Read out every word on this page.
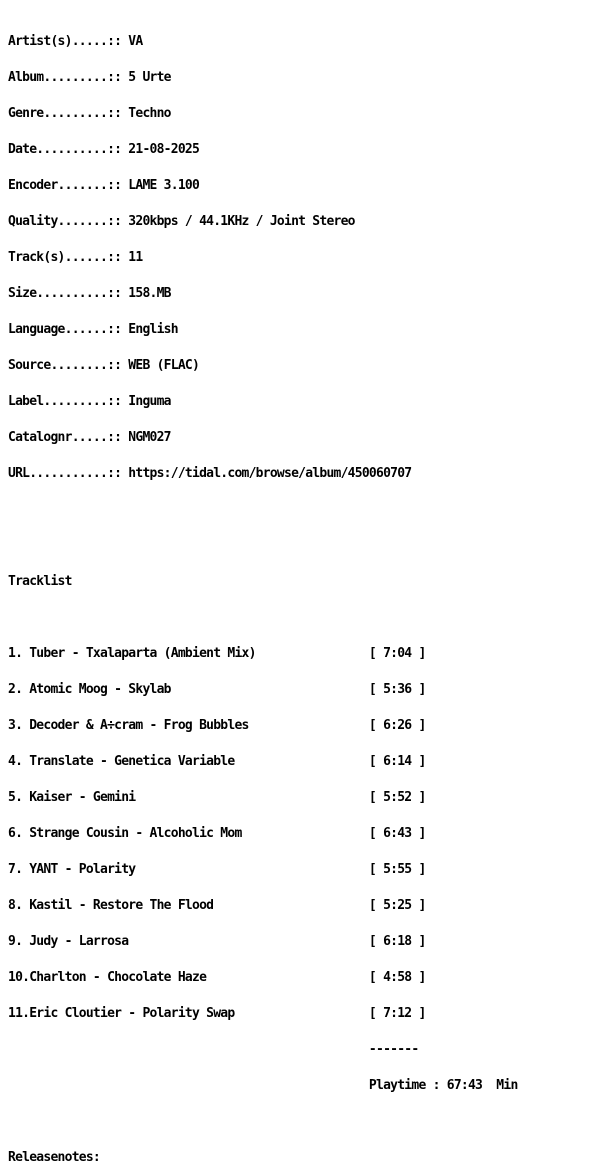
Artist(s).....:: VA

Album.........:: 5 Urte

Genre.........:: Techno

Date..........:: 21-08-2025

Encoder.......:: LAME 3.100

Quality.......:: 320kbps / 44.1KHz / Joint Stereo

Track(s)......:: 11

Size..........:: 158.MB

Language......:: English

Source........:: WEB (FLAC)

Label.........:: Inguma

Catalognr.....:: NGM027

URL...........:: https://tidal.com/browse/album/450060707

Tracklist

1. Tuber - Txalaparta (Ambient Mix)                [ 7:04 ]

2. Atomic Moog - Skylab                            [ 5:36 ]

3. Decoder & A÷cram - Frog Bubbles                 [ 6:26 ]

4. Translate - Genetica Variable                   [ 6:14 ]

5. Kaiser - Gemini                                 [ 5:52 ]

6. Strange Cousin - Alcoholic Mom                  [ 6:43 ]

7. YANT - Polarity                                 [ 5:55 ]

8. Kastil - Restore The Flood                      [ 5:25 ]

9. Judy - Larrosa                                  [ 6:18 ]

10.Charlton - Chocolate Haze                       [ 4:58 ]

11.Eric Cloutier - Polarity Swap                   [ 7:12 ]

-------

Playtime : 67:43  Min

Releasenotes:
